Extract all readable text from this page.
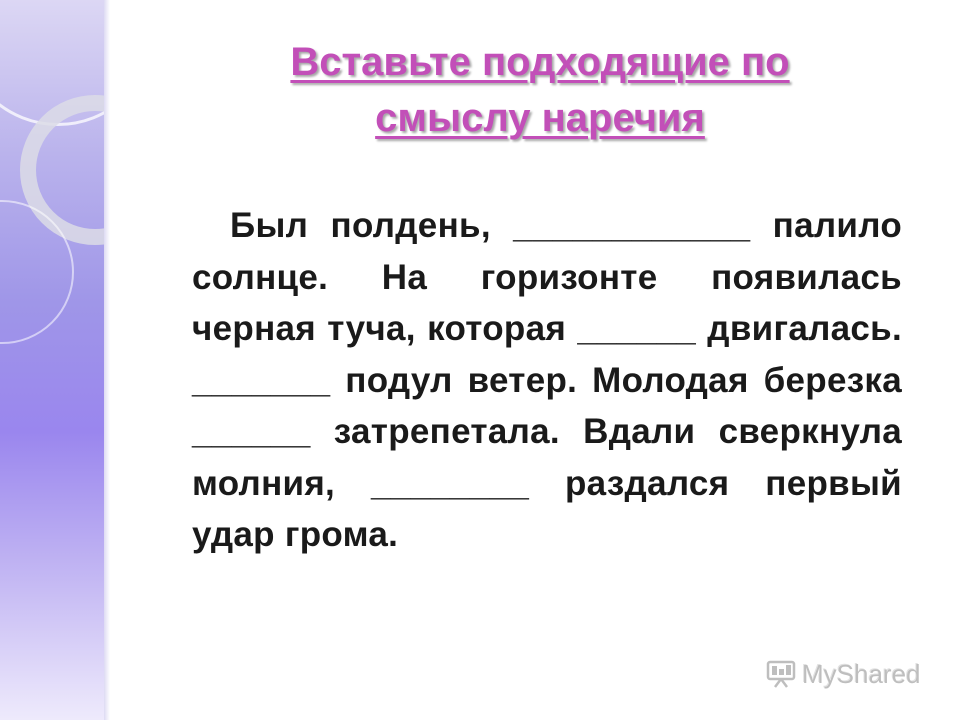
Вставьте подходящие по
смыслу наречия

Был полдень, ____________ палило солнце. На горизонте появилась черная туча, которая ______ двигалась. _______ подул ветер. Молодая березка ______ затрепетала. Вдали сверкнула молния, ________ раздался первый удар грома.

MyShared
